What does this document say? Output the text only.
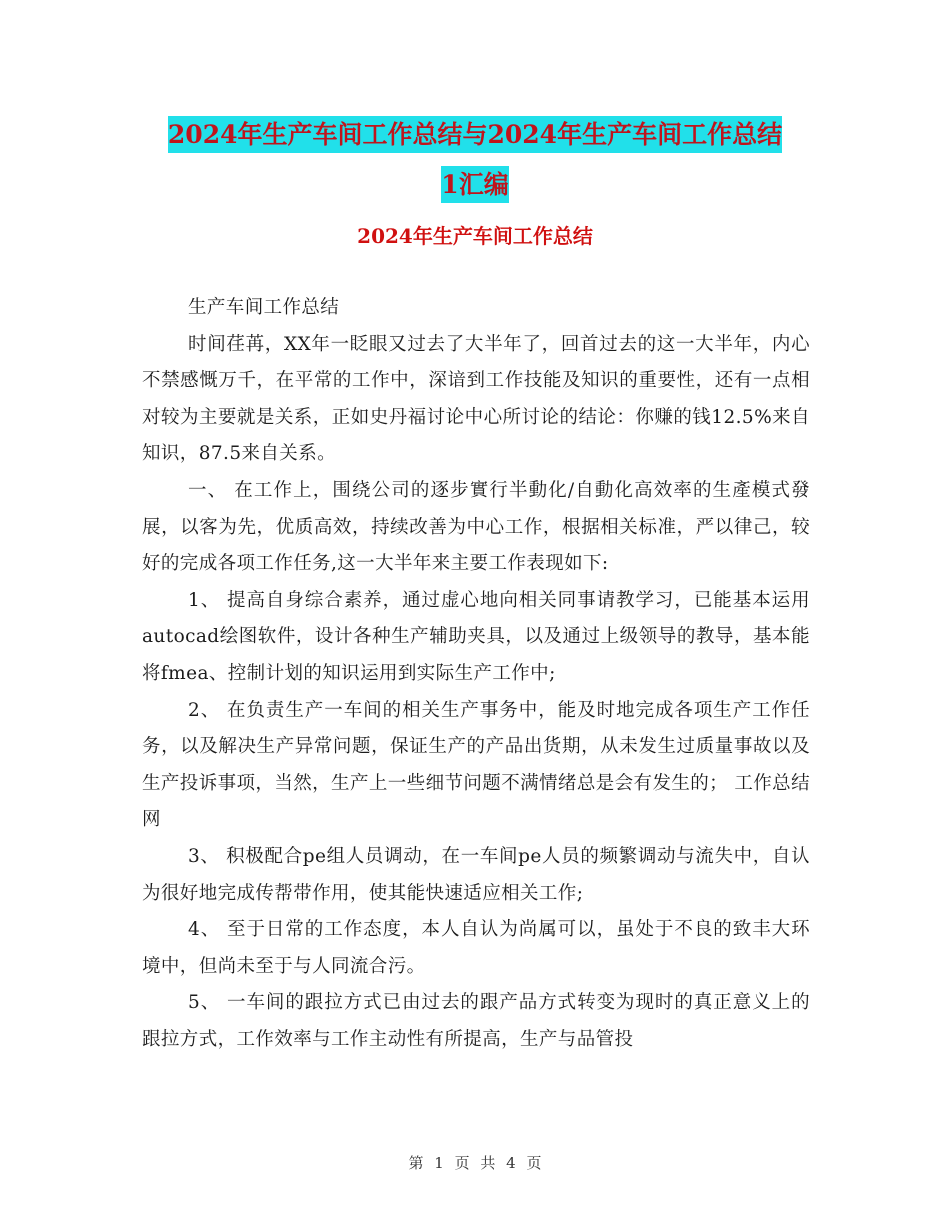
2024年生产车间工作总结与2024年生产车间工作总结
1汇编
2024年生产车间工作总结

生产车间工作总结

时间荏苒，XX年一眨眼又过去了大半年了，回首过去的这一大半年，内心不禁感慨万千，在平常的工作中，深谙到工作技能及知识的重要性，还有一点相对较为主要就是关系，正如史丹福讨论中心所讨论的结论：你赚的钱12.5%来自知识，87.5来自关系。

一、 在工作上，围绕公司的逐步實行半動化/自動化高效率的生產模式發展，以客为先，优质高效，持续改善为中心工作，根据相关标准，严以律己，较好的完成各项工作任务,这一大半年来主要工作表现如下:

1、 提高自身综合素养，通过虚心地向相关同事请教学习，已能基本运用autocad绘图软件，设计各种生产辅助夹具，以及通过上级领导的教导，基本能将fmea、控制计划的知识运用到实际生产工作中;

2、 在负责生产一车间的相关生产事务中，能及时地完成各项生产工作任务，以及解决生产异常问题，保证生产的产品出货期，从未发生过质量事故以及生产投诉事项，当然，生产上一些细节问题不满情绪总是会有发生的； 工作总结网

3、 积极配合pe组人员调动，在一车间pe人员的频繁调动与流失中，自认为很好地完成传帮带作用，使其能快速适应相关工作;

4、 至于日常的工作态度，本人自认为尚属可以，虽处于不良的致丰大环境中，但尚未至于与人同流合污。

5、 一车间的跟拉方式已由过去的跟产品方式转变为现时的真正意义上的跟拉方式，工作效率与工作主动性有所提高，生产与品管投

第 1 页 共 4 页
